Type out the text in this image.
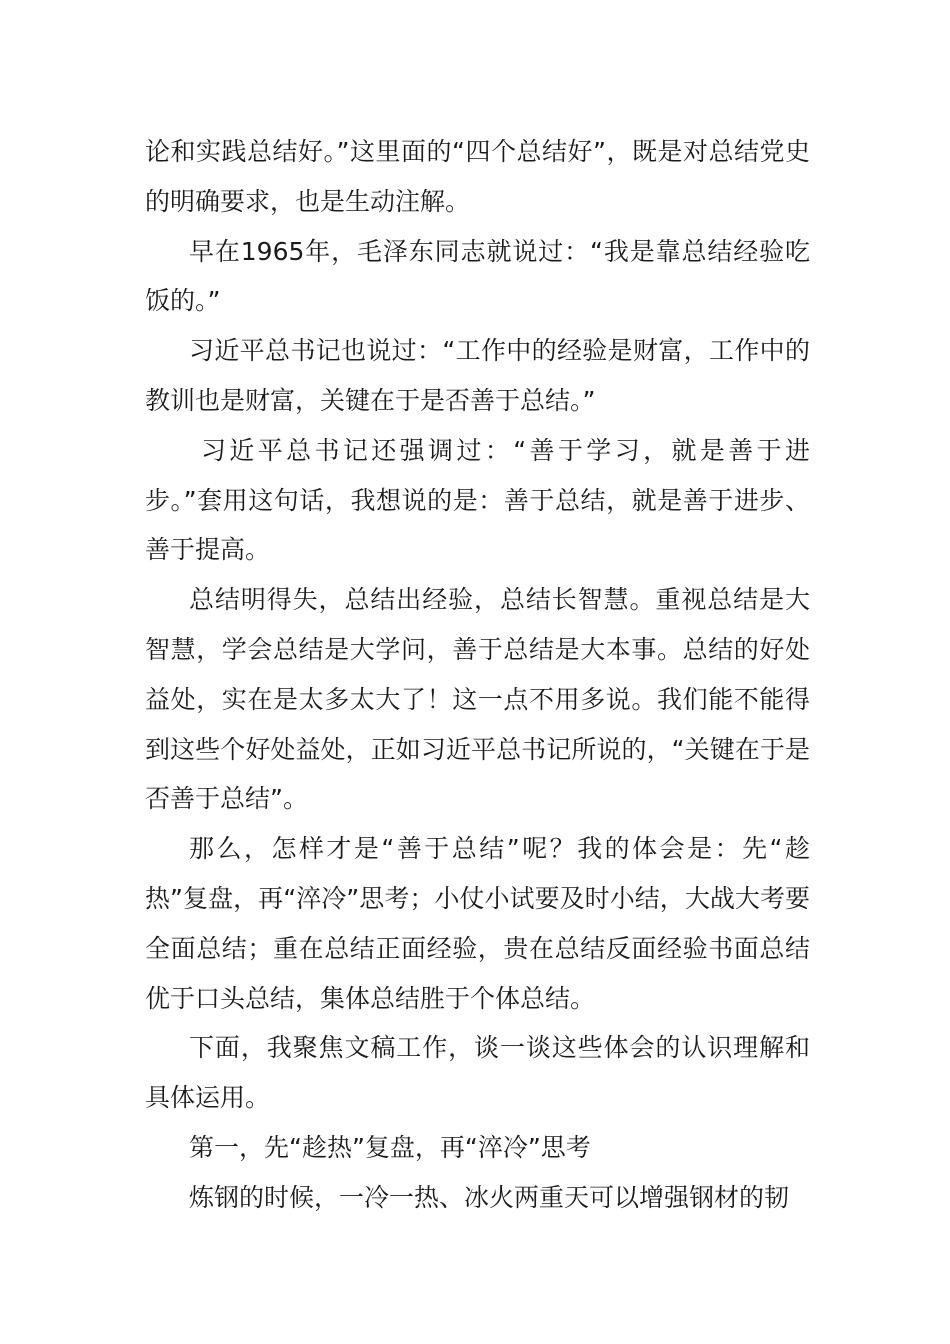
论和实践总结好。”这里面的“四个总结好”，既是对总结党史的明确要求，也是生动注解。

早在1965年，毛泽东同志就说过：“我是靠总结经验吃饭的。”

习近平总书记也说过：“工作中的经验是财富，工作中的教训也是财富，关键在于是否善于总结。”

习近平总书记还强调过：“善于学习，就是善于进步。”套用这句话，我想说的是：善于总结，就是善于进步、善于提高。

总结明得失，总结出经验，总结长智慧。重视总结是大智慧，学会总结是大学问，善于总结是大本事。总结的好处益处，实在是太多太大了！这一点不用多说。我们能不能得到这些个好处益处，正如习近平总书记所说的，“关键在于是否善于总结”。

那么，怎样才是“善于总结”呢？我的体会是：先“趁热”复盘，再“淬冷”思考；小仗小试要及时小结，大战大考要全面总结；重在总结正面经验，贵在总结反面经验书面总结优于口头总结，集体总结胜于个体总结。

下面，我聚焦文稿工作，谈一谈这些体会的认识理解和具体运用。

第一，先“趁热”复盘，再“淬冷”思考

炼钢的时候，一冷一热、冰火两重天可以增强钢材的韧
